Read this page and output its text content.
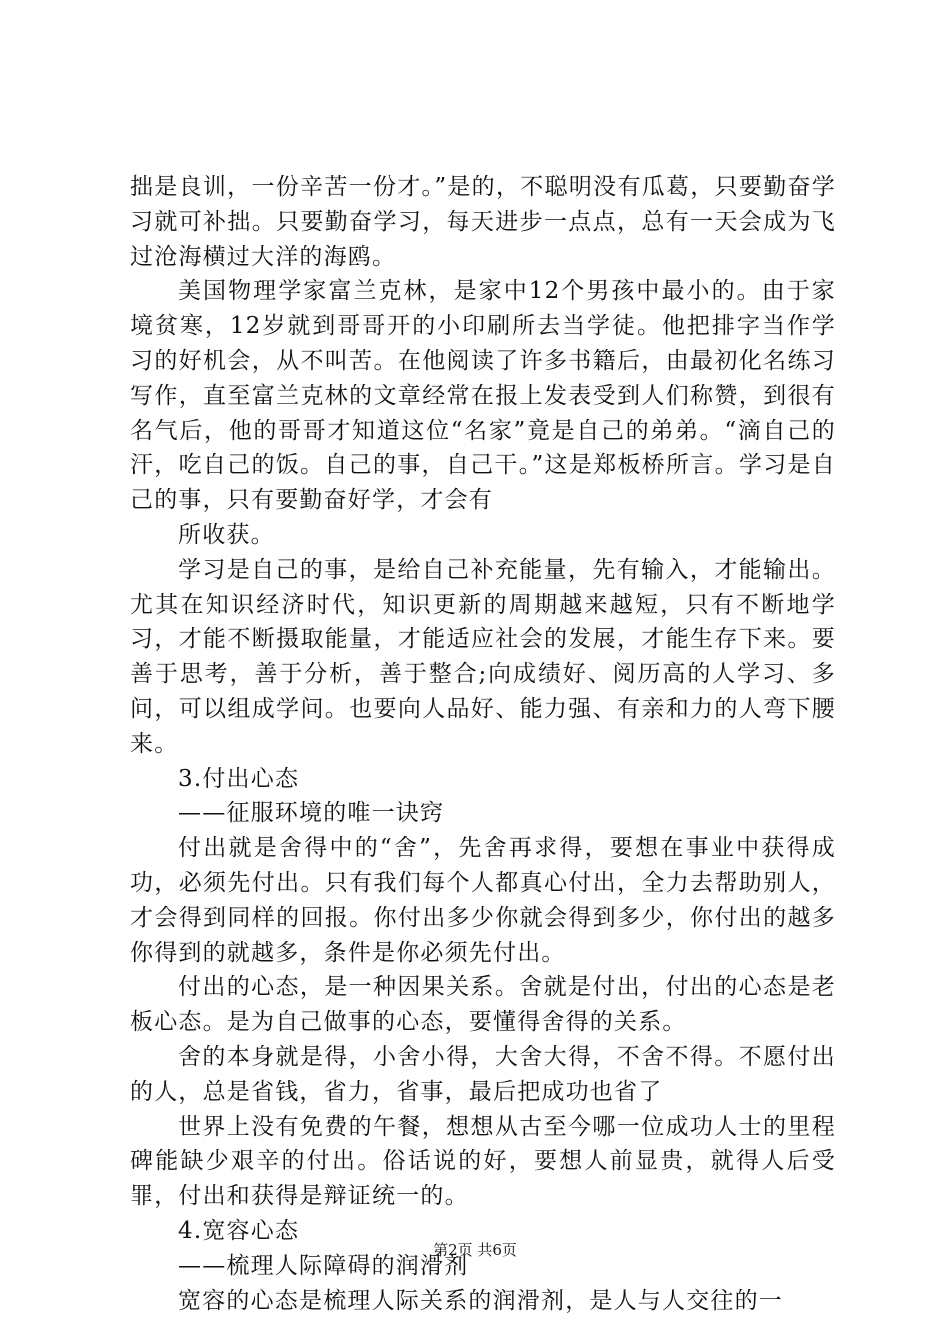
拙是良训，一份辛苦一份才。”是的，不聪明没有瓜葛，只要勤奋学习就可补拙。只要勤奋学习，每天进步一点点，总有一天会成为飞过沧海横过大洋的海鸥。

美国物理学家富兰克林，是家中12个男孩中最小的。由于家境贫寒，12岁就到哥哥开的小印刷所去当学徒。他把排字当作学习的好机会，从不叫苦。在他阅读了许多书籍后，由最初化名练习写作，直至富兰克林的文章经常在报上发表受到人们称赞，到很有名气后，他的哥哥才知道这位“名家”竟是自己的弟弟。“滴自己的汗，吃自己的饭。自己的事，自己干。”这是郑板桥所言。学习是自己的事，只有要勤奋好学，才会有

所收获。

学习是自己的事，是给自己补充能量，先有输入，才能输出。尤其在知识经济时代，知识更新的周期越来越短，只有不断地学习，才能不断摄取能量，才能适应社会的发展，才能生存下来。要善于思考，善于分析，善于整合;向成绩好、阅历高的人学习、多问，可以组成学问。也要向人品好、能力强、有亲和力的人弯下腰来。

3.付出心态

——征服环境的唯一诀窍

付出就是舍得中的“舍”，先舍再求得，要想在事业中获得成功，必须先付出。只有我们每个人都真心付出，全力去帮助别人，才会得到同样的回报。你付出多少你就会得到多少，你付出的越多你得到的就越多，条件是你必须先付出。

付出的心态，是一种因果关系。舍就是付出，付出的心态是老板心态。是为自己做事的心态，要懂得舍得的关系。

舍的本身就是得，小舍小得，大舍大得，不舍不得。不愿付出的人，总是省钱，省力，省事，最后把成功也省了

世界上没有免费的午餐，想想从古至今哪一位成功人士的里程碑能缺少艰辛的付出。俗话说的好，要想人前显贵，就得人后受罪，付出和获得是辩证统一的。

4.宽容心态

——梳理人际障碍的润滑剂

宽容的心态是梳理人际关系的润滑剂，是人与人交往的一

第2页 共6页
